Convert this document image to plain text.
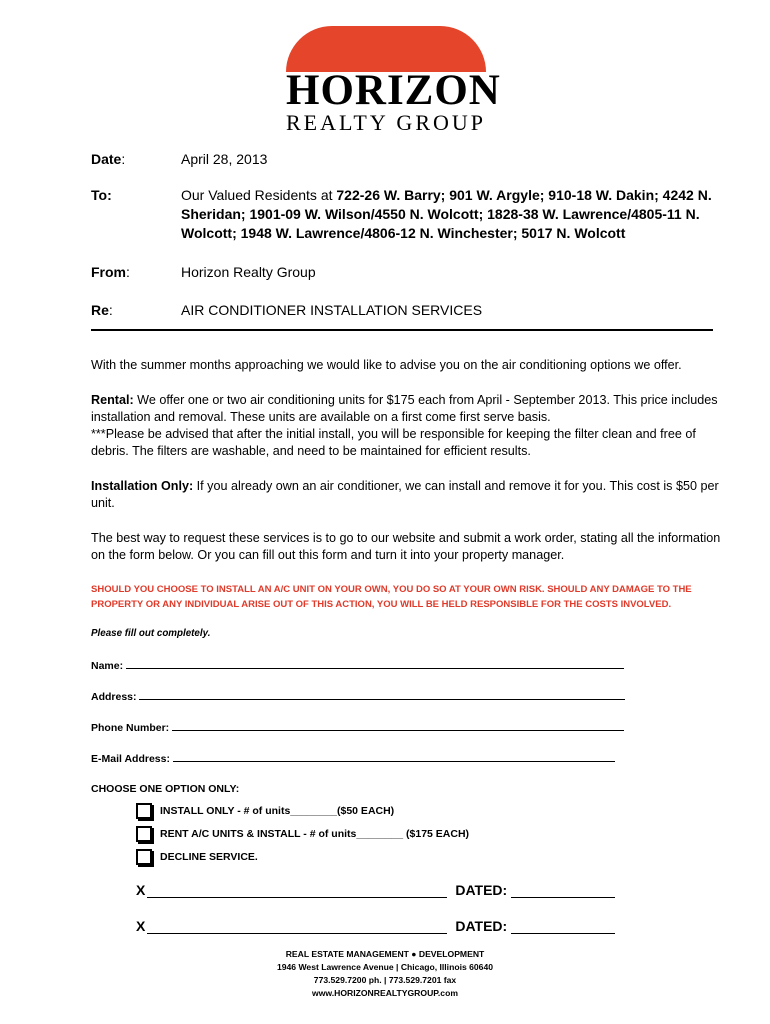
HORIZON
REALTY GROUP
Date:	April 28, 2013
To:	Our Valued Residents at 722-26 W. Barry; 901 W. Argyle; 910-18 W. Dakin; 4242 N. Sheridan; 1901-09 W. Wilson/4550 N. Wolcott; 1828-38 W. Lawrence/4805-11 N. Wolcott; 1948 W. Lawrence/4806-12 N. Winchester; 5017 N. Wolcott
From:	Horizon Realty Group
Re:	AIR CONDITIONER INSTALLATION SERVICES
With the summer months approaching we would like to advise you on the air conditioning options we offer.
Rental: We offer one or two air conditioning units for $175 each from April - September 2013. This price includes installation and removal. These units are available on a first come first serve basis.
***Please be advised that after the initial install, you will be responsible for keeping the filter clean and free of debris. The filters are washable, and need to be maintained for efficient results.
Installation Only: If you already own an air conditioner, we can install and remove it for you. This cost is $50 per unit.
The best way to request these services is to go to our website and submit a work order, stating all the information on the form below. Or you can fill out this form and turn it into your property manager.
SHOULD YOU CHOOSE TO INSTALL AN A/C UNIT ON YOUR OWN, YOU DO SO AT YOUR OWN RISK. SHOULD ANY DAMAGE TO THE PROPERTY OR ANY INDIVIDUAL ARISE OUT OF THIS ACTION, YOU WILL BE HELD RESPONSIBLE FOR THE COSTS INVOLVED.
Please fill out completely.
Name:
Address:
Phone Number:
E-Mail Address:
CHOOSE ONE OPTION ONLY:
INSTALL ONLY - # of units________($50 EACH)
RENT A/C UNITS & INSTALL - # of units________ ($175 EACH)
DECLINE SERVICE.
X	DATED:
X	DATED:
REAL ESTATE MANAGEMENT ● DEVELOPMENT
1946 West Lawrence Avenue | Chicago, Illinois 60640
773.529.7200 ph. | 773.529.7201 fax
www.HORIZONREALTYGROUP.com
